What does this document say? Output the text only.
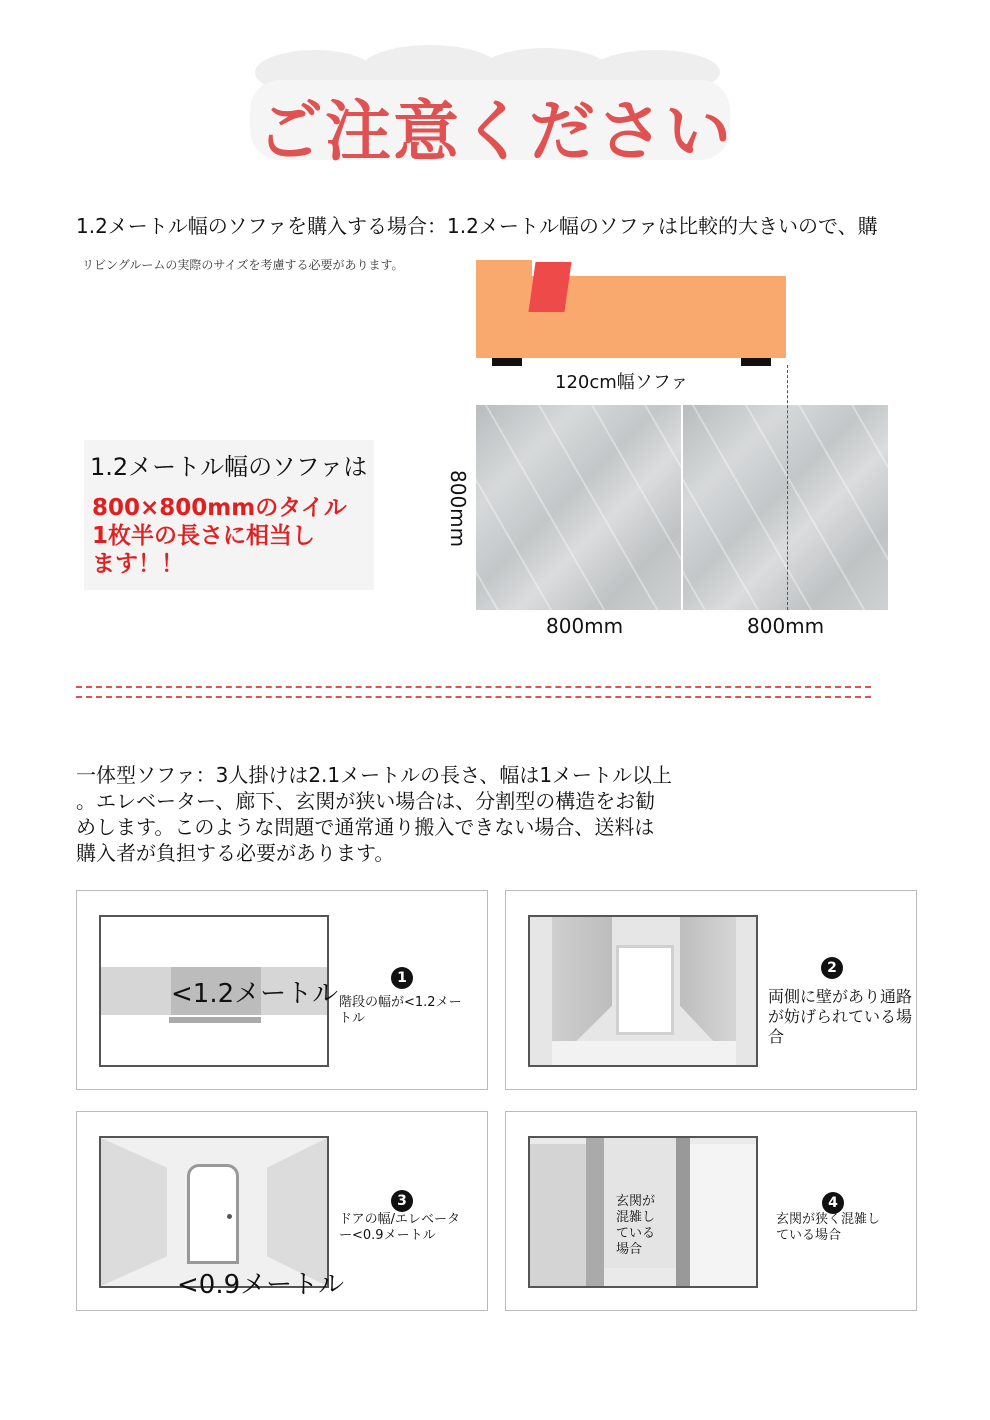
ご注意ください
1.2メートル幅のソファを購入する場合：1.2メートル幅のソファは比較的大きいので、購
リビングルームの実際のサイズを考慮する必要があります。
120cm幅ソファ
800mm
800mm	800mm
1.2メートル幅のソファは
800×800mmのタイル
1枚半の長さに相当し
ます！！
一体型ソファ：3人掛けは2.1メートルの長さ、幅は1メートル以上
。エレベーター、廊下、玄関が狭い場合は、分割型の構造をお勧
めします。このような問題で通常通り搬入できない場合、送料は
購入者が負担する必要があります。
<1.2メートル
1
階段の幅が<1.2メー
トル
2
両側に壁があり通路
が妨げられている場合
<0.9メートル
3
ドアの幅/エレベータ
ー<0.9メートル
玄関が
混雑し
ている
場合
4
玄関が狭く混雑し
ている場合
